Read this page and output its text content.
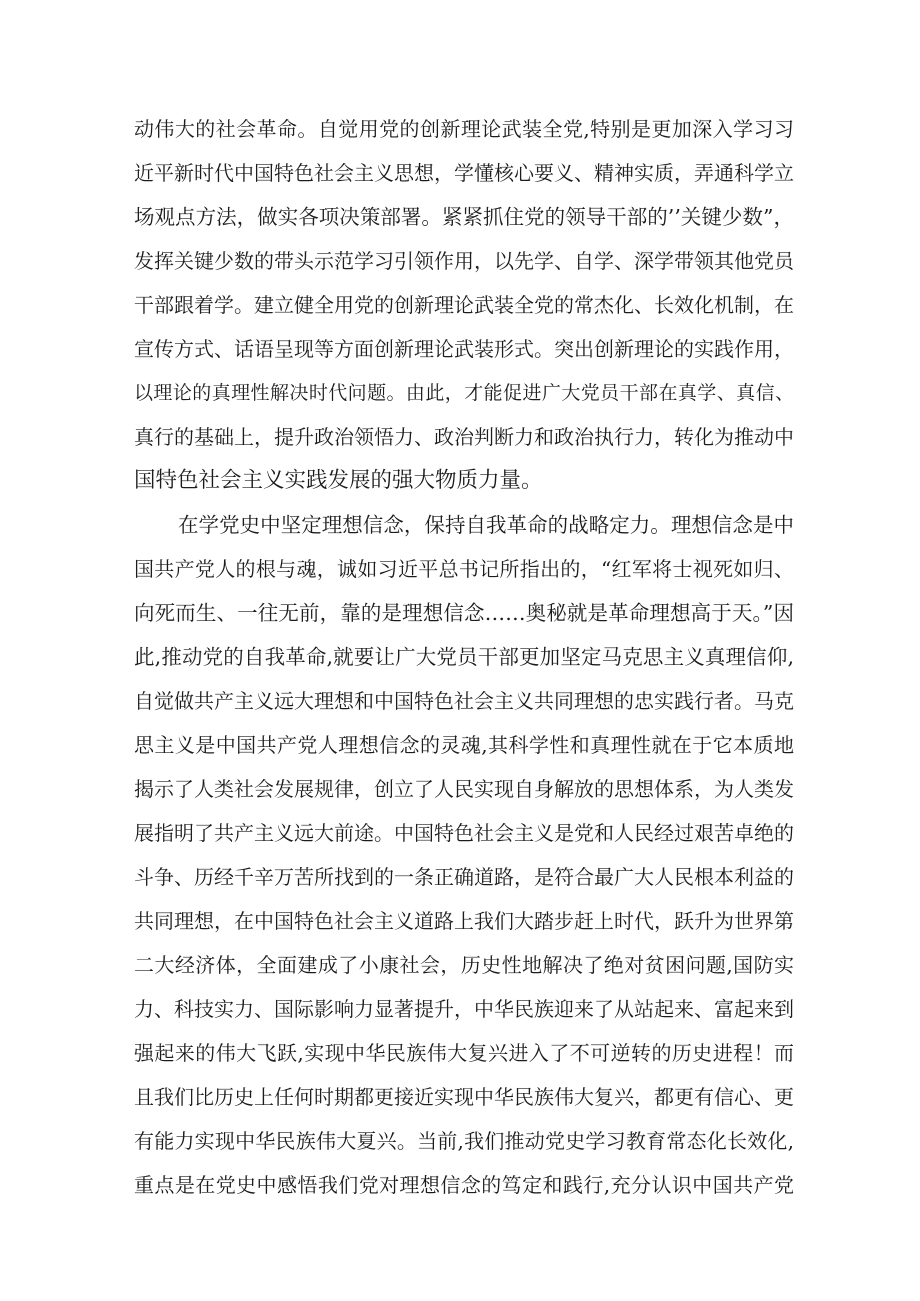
动伟大的社会革命。自觉用党的创新理论武装全党,特别是更加深入学习习
近平新时代中国特色社会主义思想，学懂核心要义、精神实质，弄通科学立
场观点方法，做实各项决策部署。紧紧抓住党的领导干部的’’关键少数”，
发挥关键少数的带头示范学习引领作用，以先学、自学、深学带领其他党员
干部跟着学。建立健全用党的创新理论武装全党的常杰化、长效化机制，在
宣传方式、话语呈现等方面创新理论武装形式。突出创新理论的实践作用，
以理论的真理性解决时代问题。由此，才能促进广大党员干部在真学、真信、
真行的基础上，提升政治领悟力、政治判断力和政治执行力，转化为推动中
国特色社会主义实践发展的强大物质力量。
在学党史中坚定理想信念，保持自我革命的战略定力。理想信念是中
国共产党人的根与魂，诚如习近平总书记所指出的，“红军将士视死如归、
向死而生、一往无前，靠的是理想信念……奥秘就是革命理想高于天。”因
此,推动党的自我革命,就要让广大党员干部更加坚定马克思主义真理信仰,
自觉做共产主义远大理想和中国特色社会主义共同理想的忠实践行者。马克
思主义是中国共产党人理想信念的灵魂,其科学性和真理性就在于它本质地
揭示了人类社会发展规律，创立了人民实现自身解放的思想体系，为人类发
展指明了共产主义远大前途。中国特色社会主义是党和人民经过艰苦卓绝的
斗争、历经千辛万苦所找到的一条正确道路，是符合最广大人民根本利益的
共同理想，在中国特色社会主义道路上我们大踏步赶上时代，跃升为世界第
二大经济体，全面建成了小康社会，历史性地解决了绝对贫困问题,国防实
力、科技实力、国际影响力显著提升，中华民族迎来了从站起来、富起来到
强起来的伟大飞跃,实现中华民族伟大复兴进入了不可逆转的历史进程！而
且我们比历史上任何时期都更接近实现中华民族伟大复兴，都更有信心、更
有能力实现中华民族伟大夏兴。当前,我们推动党史学习教育常态化长效化,
重点是在党史中感悟我们党对理想信念的笃定和践行,充分认识中国共产党
